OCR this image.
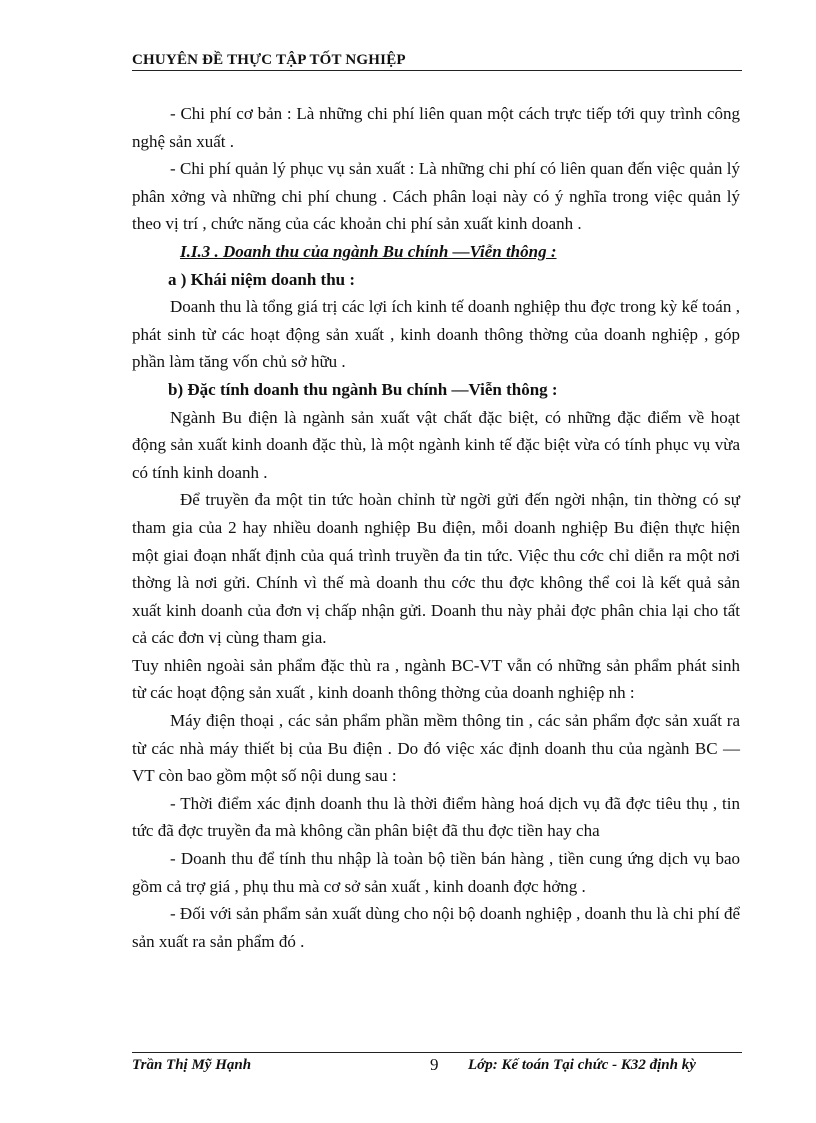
CHUYÊN ĐỀ THỰC TẬP TỐT NGHIỆP

- Chi phí cơ bản : Là những chi phí liên quan một cách trực tiếp tới quy trình công nghệ sản xuất .

- Chi phí quản lý phục vụ sản xuất : Là những chi phí có liên quan đến việc quản lý phân xởng và những chi phí chung . Cách phân loại này có ý nghĩa trong việc quản lý theo vị trí , chức năng của các khoản chi phí sản xuất kinh doanh .

I.I.3 . Doanh thu của ngành Bu chính —Viễn thông :

a ) Khái niệm doanh thu :

Doanh thu là tổng giá trị các lợi ích kinh tế doanh nghiệp thu đợc trong kỳ kế toán , phát sinh từ các hoạt động sản xuất , kinh doanh thông thờng của doanh nghiệp , góp phần làm tăng vốn chủ sở hữu .

b) Đặc tính doanh thu ngành Bu chính —Viễn thông :

Ngành Bu điện là ngành sản xuất vật chất đặc biệt, có những đặc điểm về hoạt động sản xuất kinh doanh đặc thù, là một ngành kinh tế đặc biệt vừa có tính phục vụ vừa có tính kinh doanh .

Để truyền đa một tin tức hoàn chỉnh từ ngời gửi đến ngời nhận, tin thờng có sự tham gia của 2 hay nhiều doanh nghiệp Bu điện, mỗi doanh nghiệp Bu điện thực hiện một giai đoạn nhất định của quá trình truyền đa tin tức. Việc thu cớc chỉ diễn ra một nơi thờng là nơi gửi. Chính vì thế mà doanh thu cớc thu đợc không thể coi là kết quả sản xuất kinh doanh của đơn vị chấp nhận gửi. Doanh thu này phải đợc phân chia lại cho tất cả các đơn vị cùng tham gia.

Tuy nhiên ngoài sản phẩm đặc thù ra , ngành BC-VT vẫn có những sản phẩm phát sinh từ các hoạt động sản xuất , kinh doanh thông thờng của doanh nghiệp nh :

Máy điện thoại , các sản phẩm phần mềm thông tin , các sản phẩm đợc sản xuất ra từ các nhà máy thiết bị của Bu điện . Do đó việc xác định doanh thu của ngành BC — VT còn bao gồm một số nội dung sau :

- Thời điểm xác định doanh thu là thời điểm hàng hoá dịch vụ đã đợc tiêu thụ , tin tức đã đợc truyền đa mà không cần phân biệt đã thu đợc tiền hay cha

- Doanh thu để tính thu nhập là toàn bộ tiền bán hàng , tiền cung ứng dịch vụ bao gồm cả trợ giá , phụ thu mà cơ sở sản xuất , kinh doanh đợc hởng .

- Đối với sản phẩm sản xuất dùng cho nội bộ doanh nghiệp , doanh thu là chi phí để sản xuất ra sản phẩm đó .

Trần Thị Mỹ Hạnh	9 Lớp: Kế toán Tại chức - K32 định kỳ
